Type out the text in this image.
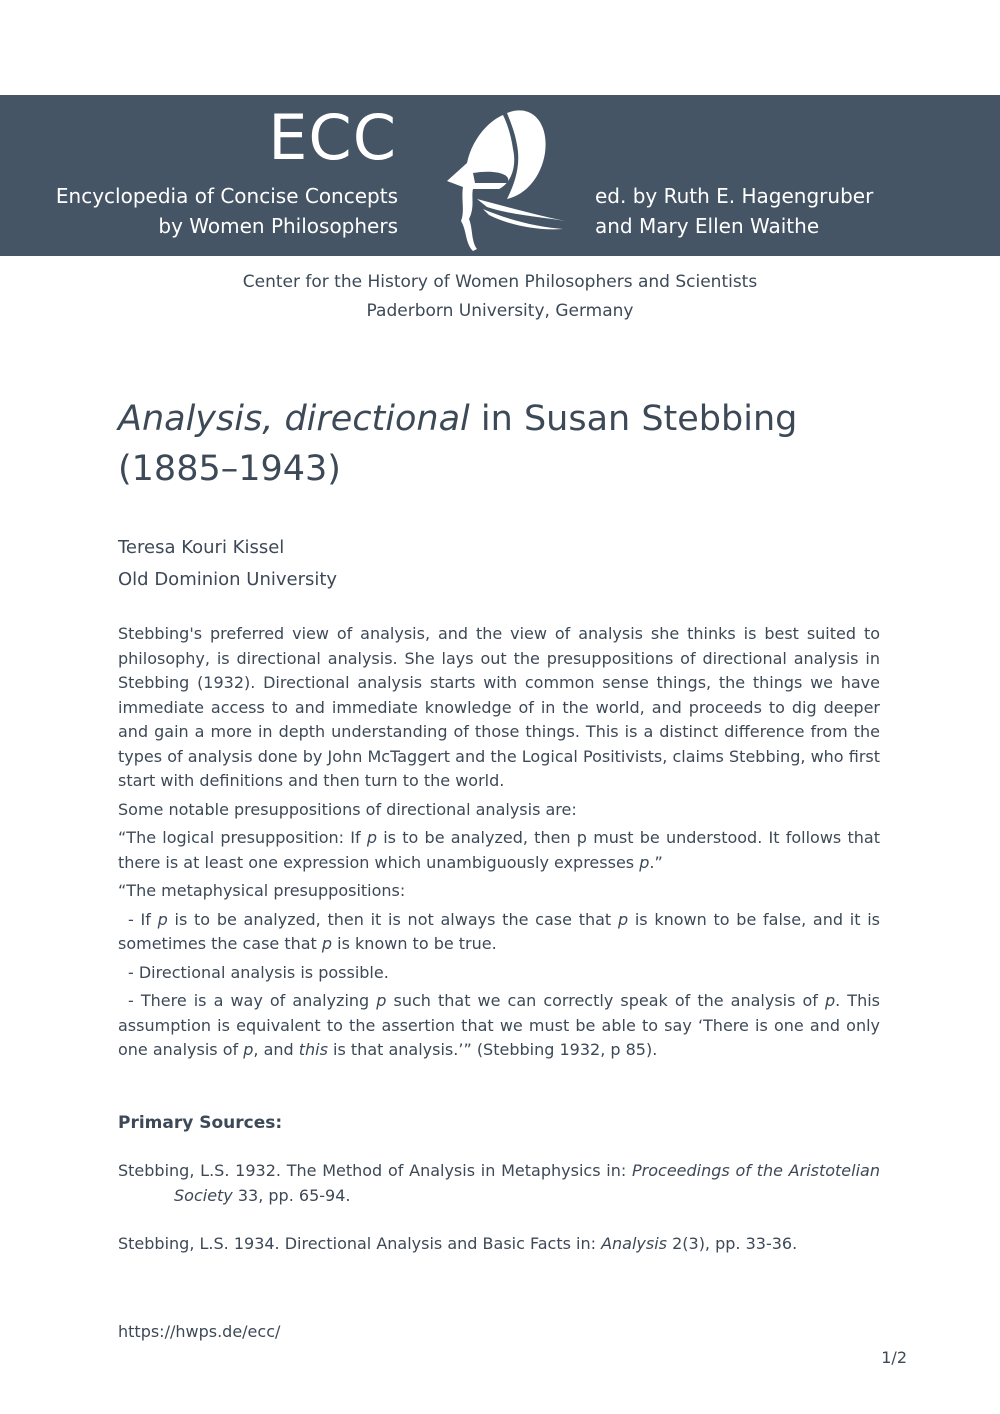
ECC
Encyclopedia of Concise Concepts
by Women Philosophers
ed. by Ruth E. Hagengruber
and Mary Ellen Waithe
Center for the History of Women Philosophers and Scientists
Paderborn University, Germany
Analysis, directional in Susan Stebbing
(1885–1943)
Teresa Kouri Kissel
Old Dominion University

Stebbing's preferred view of analysis, and the view of analysis she thinks is best suited to philosophy, is directional analysis. She lays out the presuppositions of directional analysis in Stebbing (1932). Directional analysis starts with common sense things, the things we have immediate access to and immediate knowledge of in the world, and proceeds to dig deeper and gain a more in depth understanding of those things. This is a distinct difference from the types of analysis done by John McTaggert and the Logical Positivists, claims Stebbing, who first start with definitions and then turn to the world.

Some notable presuppositions of directional analysis are:

“The logical presupposition: If p is to be analyzed, then p must be understood. It follows that there is at least one expression which unambiguously expresses p.”

“The metaphysical presuppositions:

- If p is to be analyzed, then it is not always the case that p is known to be false, and it is sometimes the case that p is known to be true.

- Directional analysis is possible.

- There is a way of analyzing p such that we can correctly speak of the analysis of p. This assumption is equivalent to the assertion that we must be able to say ‘There is one and only one analysis of p, and this is that analysis.’” (Stebbing 1932, p 85).

Primary Sources:
Stebbing, L.S. 1932. The Method of Analysis in Metaphysics in: Proceedings of the Aristotelian Society 33, pp. 65-94.
Stebbing, L.S. 1934. Directional Analysis and Basic Facts in: Analysis 2(3), pp. 33-36.
https://hwps.de/ecc/
1/2
